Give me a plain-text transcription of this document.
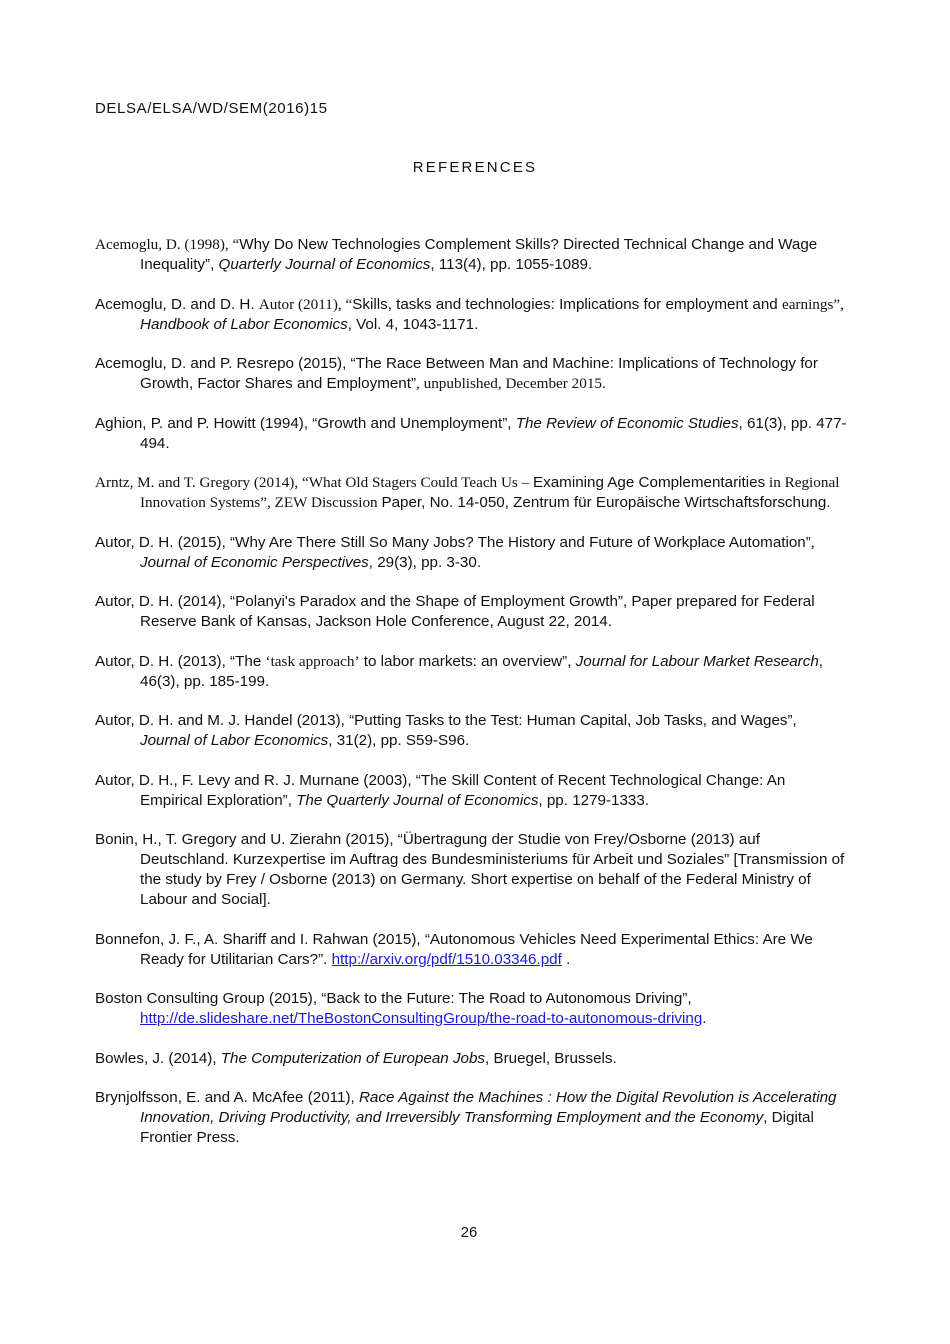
DELSA/ELSA/WD/SEM(2016)15
REFERENCES

Acemoglu, D. (1998), “Why Do New Technologies Complement Skills? Directed Technical Change and Wage Inequality”, Quarterly Journal of Economics, 113(4), pp. 1055-1089.

Acemoglu, D. and D. H. Autor (2011), “Skills, tasks and technologies: Implications for employment and earnings”, Handbook of Labor Economics, Vol. 4, 1043-1171.

Acemoglu, D. and P. Resrepo (2015), “The Race Between Man and Machine: Implications of Technology for Growth, Factor Shares and Employment”, unpublished, December 2015.

Aghion, P. and P. Howitt (1994), “Growth and Unemployment”, The Review of Economic Studies, 61(3), pp. 477-494.

Arntz, M. and T. Gregory (2014), “What Old Stagers Could Teach Us – Examining Age Complementarities in Regional Innovation Systems”, ZEW Discussion Paper, No. 14-050, Zentrum für Europäische Wirtschaftsforschung.

Autor, D. H. (2015), “Why Are There Still So Many Jobs? The History and Future of Workplace Automation”, Journal of Economic Perspectives, 29(3), pp. 3-30.

Autor, D. H. (2014), “Polanyi's Paradox and the Shape of Employment Growth”, Paper prepared for Federal Reserve Bank of Kansas, Jackson Hole Conference, August 22, 2014.

Autor, D. H. (2013), “The ‘task approach’ to labor markets: an overview”, Journal for Labour Market Research, 46(3), pp. 185-199.

Autor, D. H. and M. J. Handel (2013), “Putting Tasks to the Test: Human Capital, Job Tasks, and Wages”, Journal of Labor Economics, 31(2), pp. S59-S96.

Autor, D. H., F. Levy and R. J. Murnane (2003), “The Skill Content of Recent Technological Change: An Empirical Exploration”, The Quarterly Journal of Economics, pp. 1279-1333.

Bonin, H., T. Gregory and U. Zierahn (2015), “Übertragung der Studie von Frey/Osborne (2013) auf Deutschland. Kurzexpertise im Auftrag des Bundesministeriums für Arbeit und Soziales” [Transmission of the study by Frey / Osborne (2013) on Germany. Short expertise on behalf of the Federal Ministry of Labour and Social].

Bonnefon, J. F., A. Shariff and I. Rahwan (2015), “Autonomous Vehicles Need Experimental Ethics: Are We Ready for Utilitarian Cars?”. http://arxiv.org/pdf/1510.03346.pdf .

Boston Consulting Group (2015), “Back to the Future: The Road to Autonomous Driving”, http://de.slideshare.net/TheBostonConsultingGroup/the-road-to-autonomous-driving.

Bowles, J. (2014), The Computerization of European Jobs, Bruegel, Brussels.

Brynjolfsson, E. and A. McAfee (2011), Race Against the Machines : How the Digital Revolution is Accelerating Innovation, Driving Productivity, and Irreversibly Transforming Employment and the Economy, Digital Frontier Press.

26
